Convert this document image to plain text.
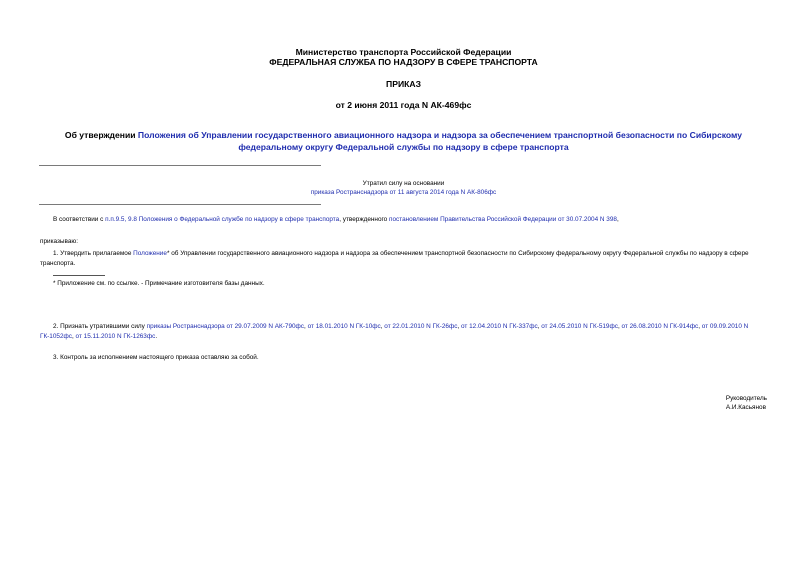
Министерство транспорта Российской Федерации
ФЕДЕРАЛЬНАЯ СЛУЖБА ПО НАДЗОРУ В СФЕРЕ ТРАНСПОРТА
ПРИКАЗ
от 2 июня 2011 года N АК-469фс
Об утверждении Положения об Управлении государственного авиационного надзора и надзора за обеспечением транспортной безопасности по Сибирскому федеральному округу Федеральной службы по надзору в сфере транспорта
Утратил силу на основании
приказа Ространснадзора от 11 августа 2014 года N АК-806фс
В соответствии с п.п.9.5, 9.8 Положения о Федеральной службе по надзору в сфере транспорта, утвержденного постановлением Правительства Российской Федерации от 30.07.2004 N 398,
приказываю:
1. Утвердить прилагаемое Положение* об Управлении государственного авиационного надзора и надзора за обеспечением транспортной безопасности по Сибирскому федеральному округу Федеральной службы по надзору в сфере транспорта.
* Приложение см. по ссылке. - Примечание изготовителя базы данных.
2. Признать утратившими силу приказы Ространснадзора от 29.07.2009 N АК-790фс, от 18.01.2010 N ГК-10фс, от 22.01.2010 N ГК-26фс, от 12.04.2010 N ГК-337фс, от 24.05.2010 N ГК-519фс, от 26.08.2010 N ГК-914фс, от 09.09.2010 N ГК-1052фс, от 15.11.2010 N ГК-1263фс.
3. Контроль за исполнением настоящего приказа оставляю за собой.
Руководитель
А.И.Касьянов
